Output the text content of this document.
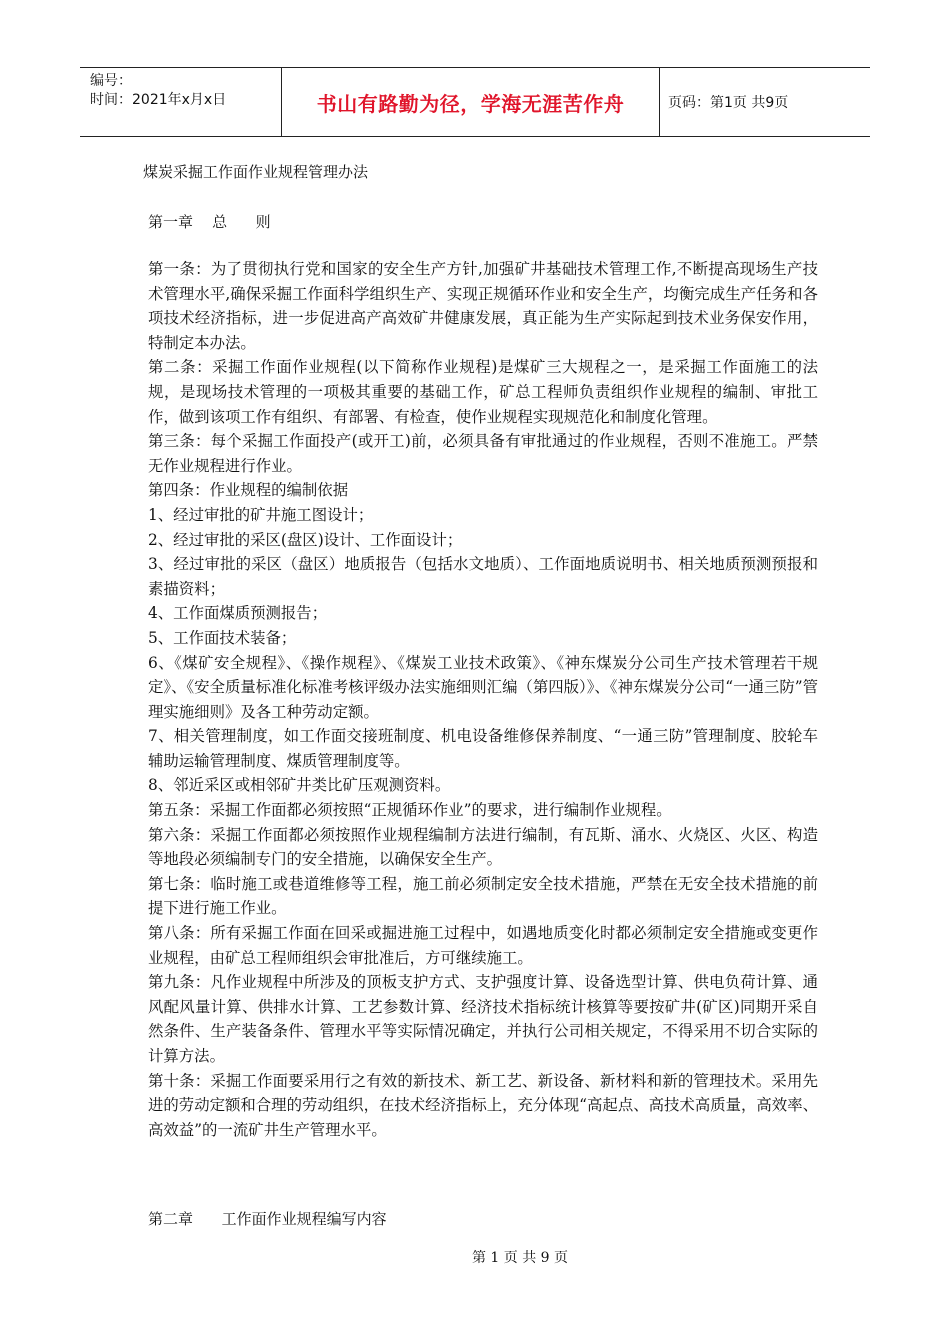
编号：
时间：2021年x月x日	书山有路勤为径，学海无涯苦作舟	页码：第1页 共9页
煤炭采掘工作面作业规程管理办法
第一章    总      则

第一条：为了贯彻执行党和国家的安全生产方针,加强矿井基础技术管理工作,不断提高现场生产技术管理水平,确保采掘工作面科学组织生产、实现正规循环作业和安全生产，均衡完成生产任务和各项技术经济指标，进一步促进高产高效矿井健康发展，真正能为生产实际起到技术业务保安作用，特制定本办法。

第二条：采掘工作面作业规程(以下简称作业规程)是煤矿三大规程之一，是采掘工作面施工的法规，是现场技术管理的一项极其重要的基础工作，矿总工程师负责组织作业规程的编制、审批工作，做到该项工作有组织、有部署、有检查，使作业规程实现规范化和制度化管理。

第三条：每个采掘工作面投产(或开工)前，必须具备有审批通过的作业规程，否则不准施工。严禁无作业规程进行作业。

第四条：作业规程的编制依据

1、经过审批的矿井施工图设计；

2、经过审批的采区(盘区)设计、工作面设计；

3、经过审批的采区（盘区）地质报告（包括水文地质）、工作面地质说明书、相关地质预测预报和素描资料；

4、工作面煤质预测报告；

5、工作面技术装备；

6、《煤矿安全规程》、《操作规程》、《煤炭工业技术政策》、《神东煤炭分公司生产技术管理若干规定》、《安全质量标准化标准考核评级办法实施细则汇编（第四版）》、《神东煤炭分公司“一通三防”管理实施细则》及各工种劳动定额。

7、相关管理制度，如工作面交接班制度、机电设备维修保养制度、“一通三防”管理制度、胶轮车辅助运输管理制度、煤质管理制度等。

8、邻近采区或相邻矿井类比矿压观测资料。

第五条：采掘工作面都必须按照“正规循环作业”的要求，进行编制作业规程。

第六条：采掘工作面都必须按照作业规程编制方法进行编制，有瓦斯、涌水、火烧区、火区、构造等地段必须编制专门的安全措施，以确保安全生产。

第七条：临时施工或巷道维修等工程，施工前必须制定安全技术措施，严禁在无安全技术措施的前提下进行施工作业。

第八条：所有采掘工作面在回采或掘进施工过程中，如遇地质变化时都必须制定安全措施或变更作业规程，由矿总工程师组织会审批准后，方可继续施工。

第九条：凡作业规程中所涉及的顶板支护方式、支护强度计算、设备选型计算、供电负荷计算、通风配风量计算、供排水计算、工艺参数计算、经济技术指标统计核算等要按矿井(矿区)同期开采自然条件、生产装备条件、管理水平等实际情况确定，并执行公司相关规定，不得采用不切合实际的计算方法。

第十条：采掘工作面要采用行之有效的新技术、新工艺、新设备、新材料和新的管理技术。采用先进的劳动定额和合理的劳动组织，在技术经济指标上，充分体现“高起点、高技术高质量，高效率、高效益”的一流矿井生产管理水平。

第二章      工作面作业规程编写内容
第 1 页 共 9 页
